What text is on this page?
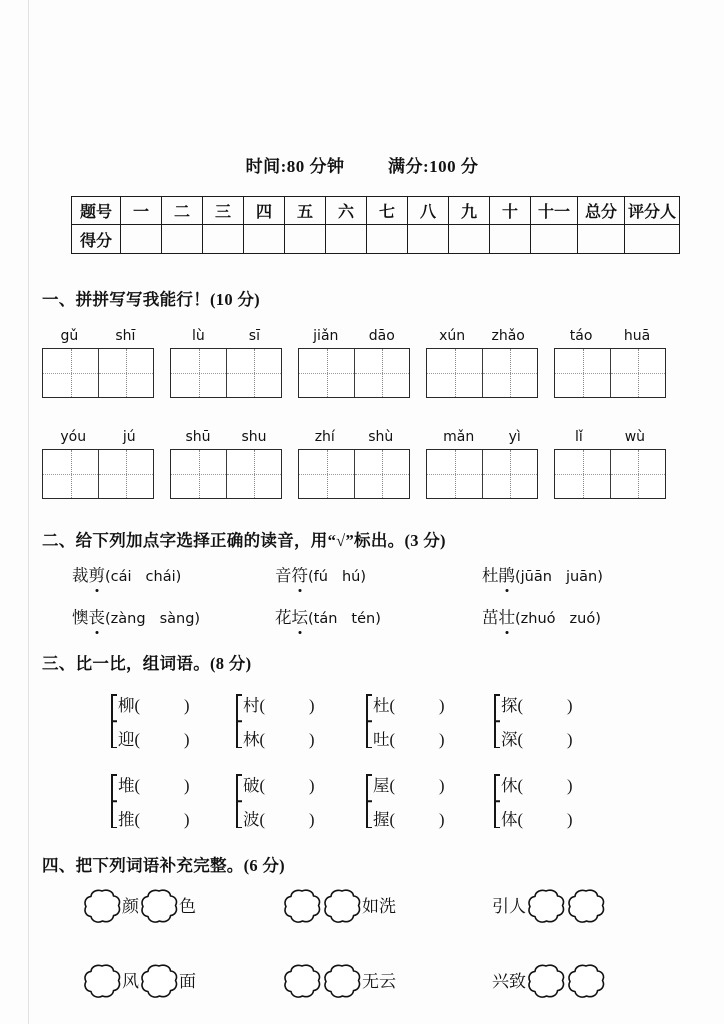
时间:80 分钟	满分:100 分
题号	一	二	三	四	五	六	七	八	九	十	十一	总分	评分人
得分													
一、拼拼写写我能行！(10 分)
二、给下列加点字选择正确的读音，用“√”标出。(3 分)
三、比一比，组词语。(8 分)
四、把下列词语补充完整。(6 分)
gǔ	shī	lù	sī	jiǎn dāo	xún zhǎo	táo huā
yóu	jú	shū shu	zhí shù	mǎn yì	lǐ	wù
裁剪 (cái chái)	音符 (fú hú)	杜鹃 (jūān juān)
懊丧 (zàng sàng)	花坛 (tán tén)	茁壮 (zhuó zuó)
柳(	)
迎(	)
村(	)
林(	)
杜(	)
吐(	)
探(	)
深(	)
堆(	)
推(	)
破(	)
波(	)
屋(	)
握(	)
休(	)
体(	)
颜 色	如洗	引人
风 面	无云	兴致
